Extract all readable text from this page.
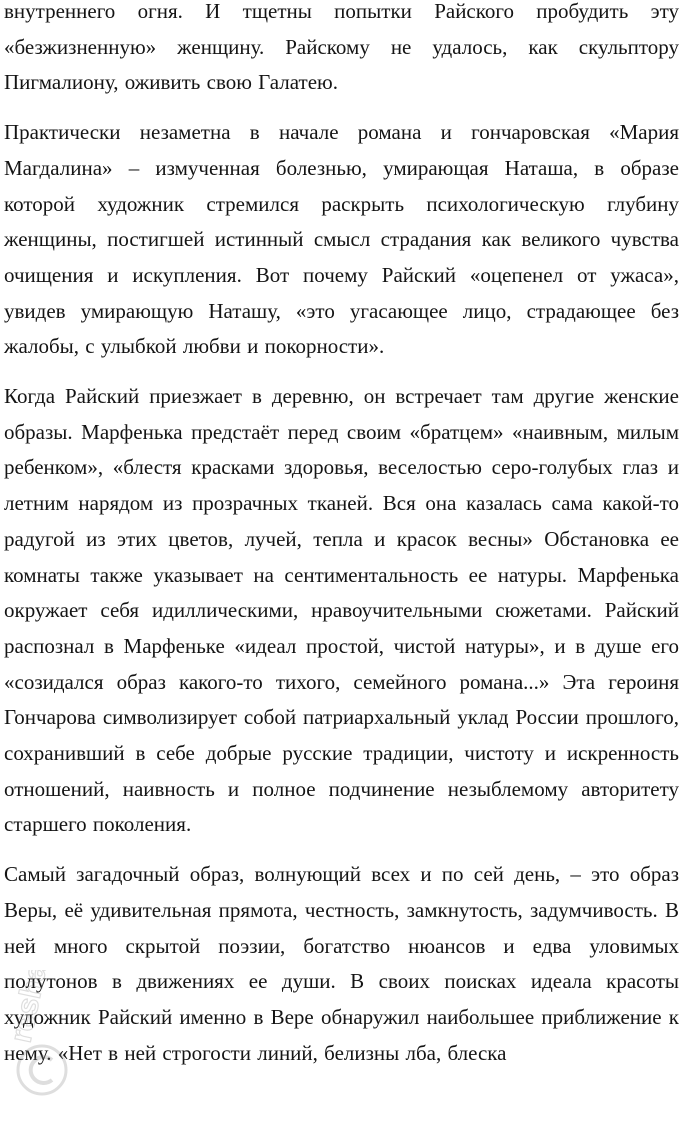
внутреннего огня. И тщетны попытки Райского пробудить эту «безжизненную» женщину. Райскому не удалось, как скульптору Пигмалиону, оживить свою Галатею.

Практически незаметна в начале романа и гончаровская «Мария Магдалина» – измученная болезнью, умирающая Наташа, в образе которой художник стремился раскрыть психологическую глубину женщины, постигшей истинный смысл страдания как великого чувства очищения и искупления. Вот почему Райский «оцепенел от ужаса», увидев умирающую Наташу, «это угасающее лицо, страдающее без жалобы, с улыбкой любви и покорности».

Когда Райский приезжает в деревню, он встречает там другие женские образы. Марфенька предстаёт перед своим «братцем» «наивным, милым ребенком», «блестя красками здоровья, веселостью серо-голубых глаз и летним нарядом из прозрачных тканей. Вся она казалась сама какой-то радугой из этих цветов, лучей, тепла и красок весны» Обстановка ее комнаты также указывает на сентиментальность ее натуры. Марфенька окружает себя идиллическими, нравоучительными сюжетами. Райский распознал в Марфеньке «идеал простой, чистой натуры», и в душе его «созидался образ какого-то тихого, семейного романа...» Эта героиня Гончарова символизирует собой патриархальный уклад России прошлого, сохранивший в себе добрые русские традиции, чистоту и искренность отношений, наивность и полное подчинение незыблемому авторитету старшего поколения.

Самый загадочный образ, волнующий всех и по сей день, – это образ Веры, её удивительная прямота, честность, замкнутость, задумчивость. В ней много скрытой поэзии, богатство нюансов и едва уловимых полутонов в движениях ее души. В своих поисках идеала красоты художник Райский именно в Вере обнаружил наибольшее приближение к нему. «Нет в ней строгости линий, белизны лба, блеска

reshak.ru
